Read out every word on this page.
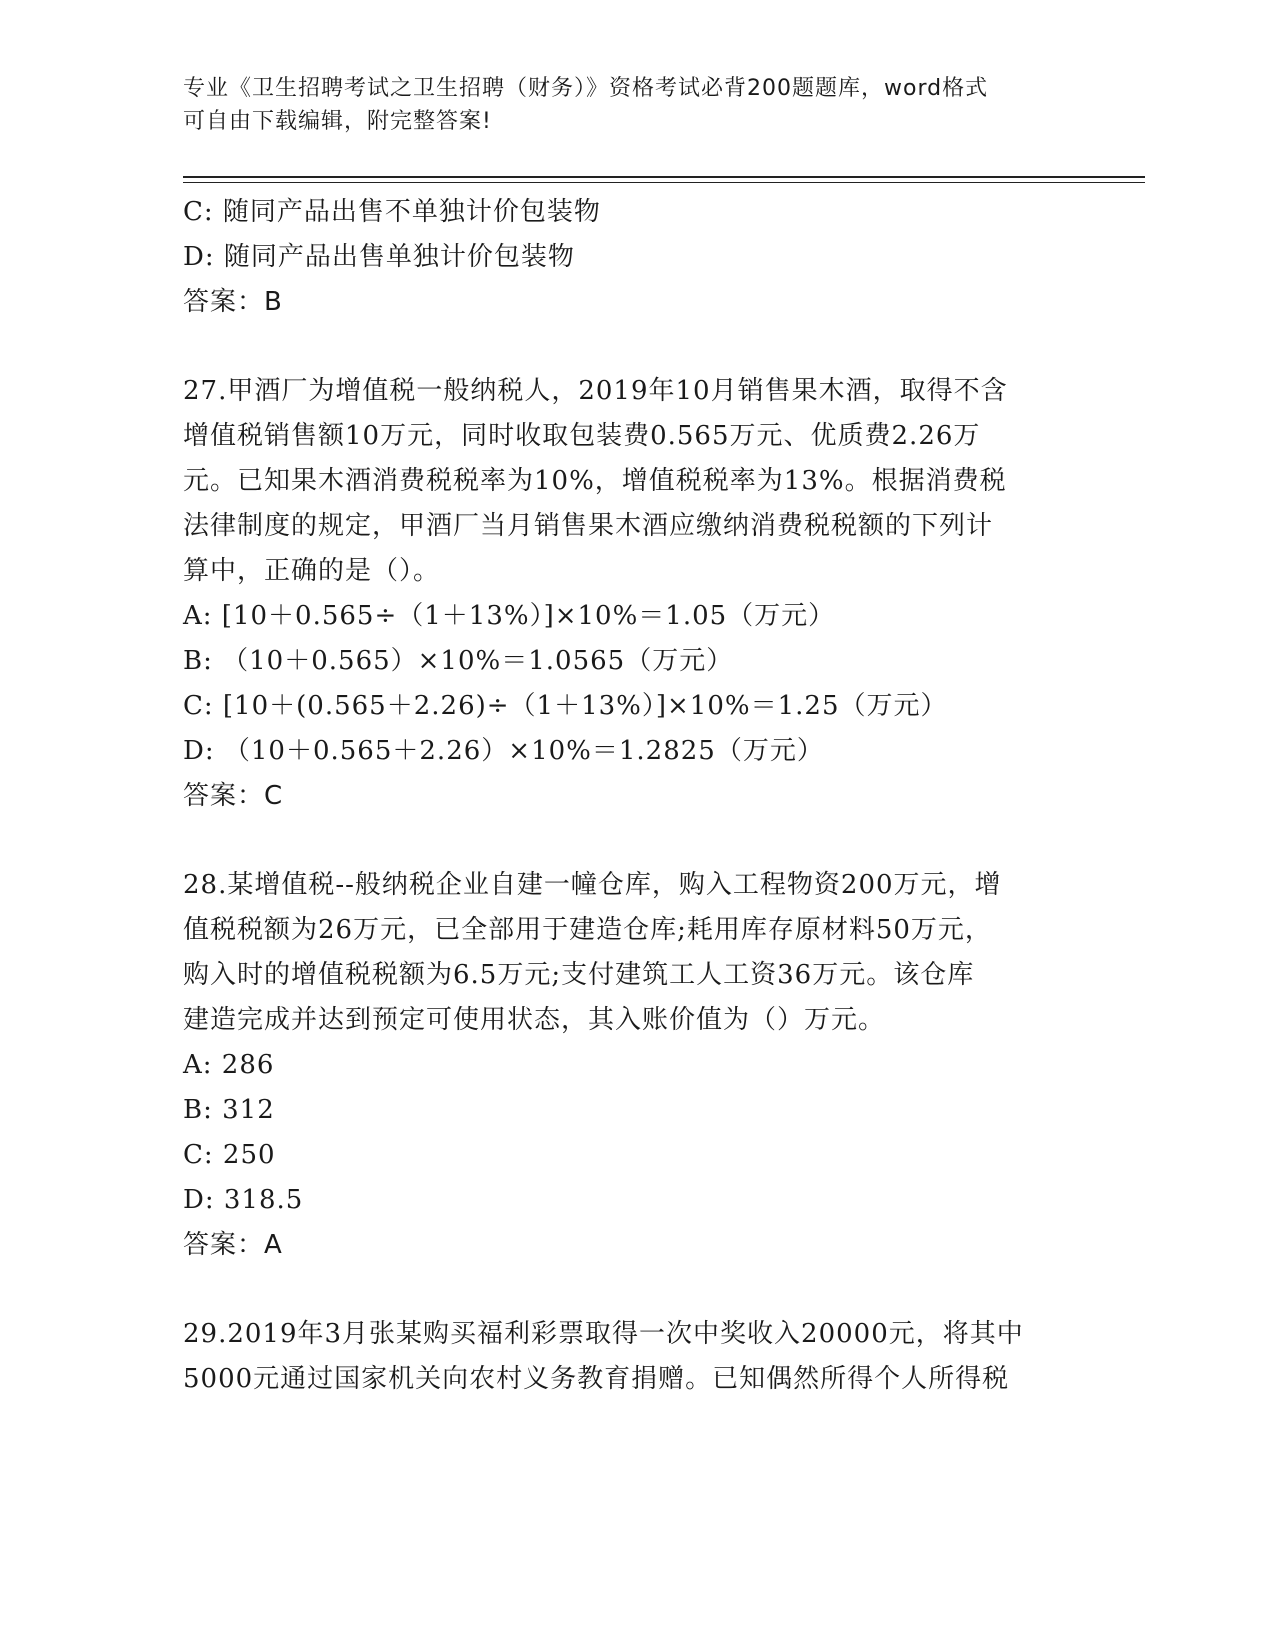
专业《卫生招聘考试之卫生招聘（财务）》资格考试必背200题题库，word格式
可自由下载编辑，附完整答案!
C: 随同产品出售不单独计价包装物
D: 随同产品出售单独计价包装物
答案：B
27.甲酒厂为增值税一般纳税人，2019年10月销售果木酒，取得不含
增值税销售额10万元，同时收取包装费0.565万元、优质费2.26万
元。已知果木酒消费税税率为10%，增值税税率为13%。根据消费税
法律制度的规定，甲酒厂当月销售果木酒应缴纳消费税税额的下列计
算中，正确的是（）。
A: [10＋0.565÷（1＋13%）]×10%＝1.05（万元）
B: （10＋0.565）×10%＝1.0565（万元）
C: [10＋(0.565＋2.26)÷（1＋13%）]×10%＝1.25（万元）
D: （10＋0.565＋2.26）×10%＝1.2825（万元）
答案：C
28.某增值税--般纳税企业自建一幢仓库，购入工程物资200万元，增
值税税额为26万元，已全部用于建造仓库;耗用库存原材料50万元，
购入时的增值税税额为6.5万元;支付建筑工人工资36万元。该仓库
建造完成并达到预定可使用状态，其入账价值为（）万元。
A: 286
B: 312
C: 250
D: 318.5
答案：A
29.2019年3月张某购买福利彩票取得一次中奖收入20000元，将其中
5000元通过国家机关向农村义务教育捐赠。已知偶然所得个人所得税
